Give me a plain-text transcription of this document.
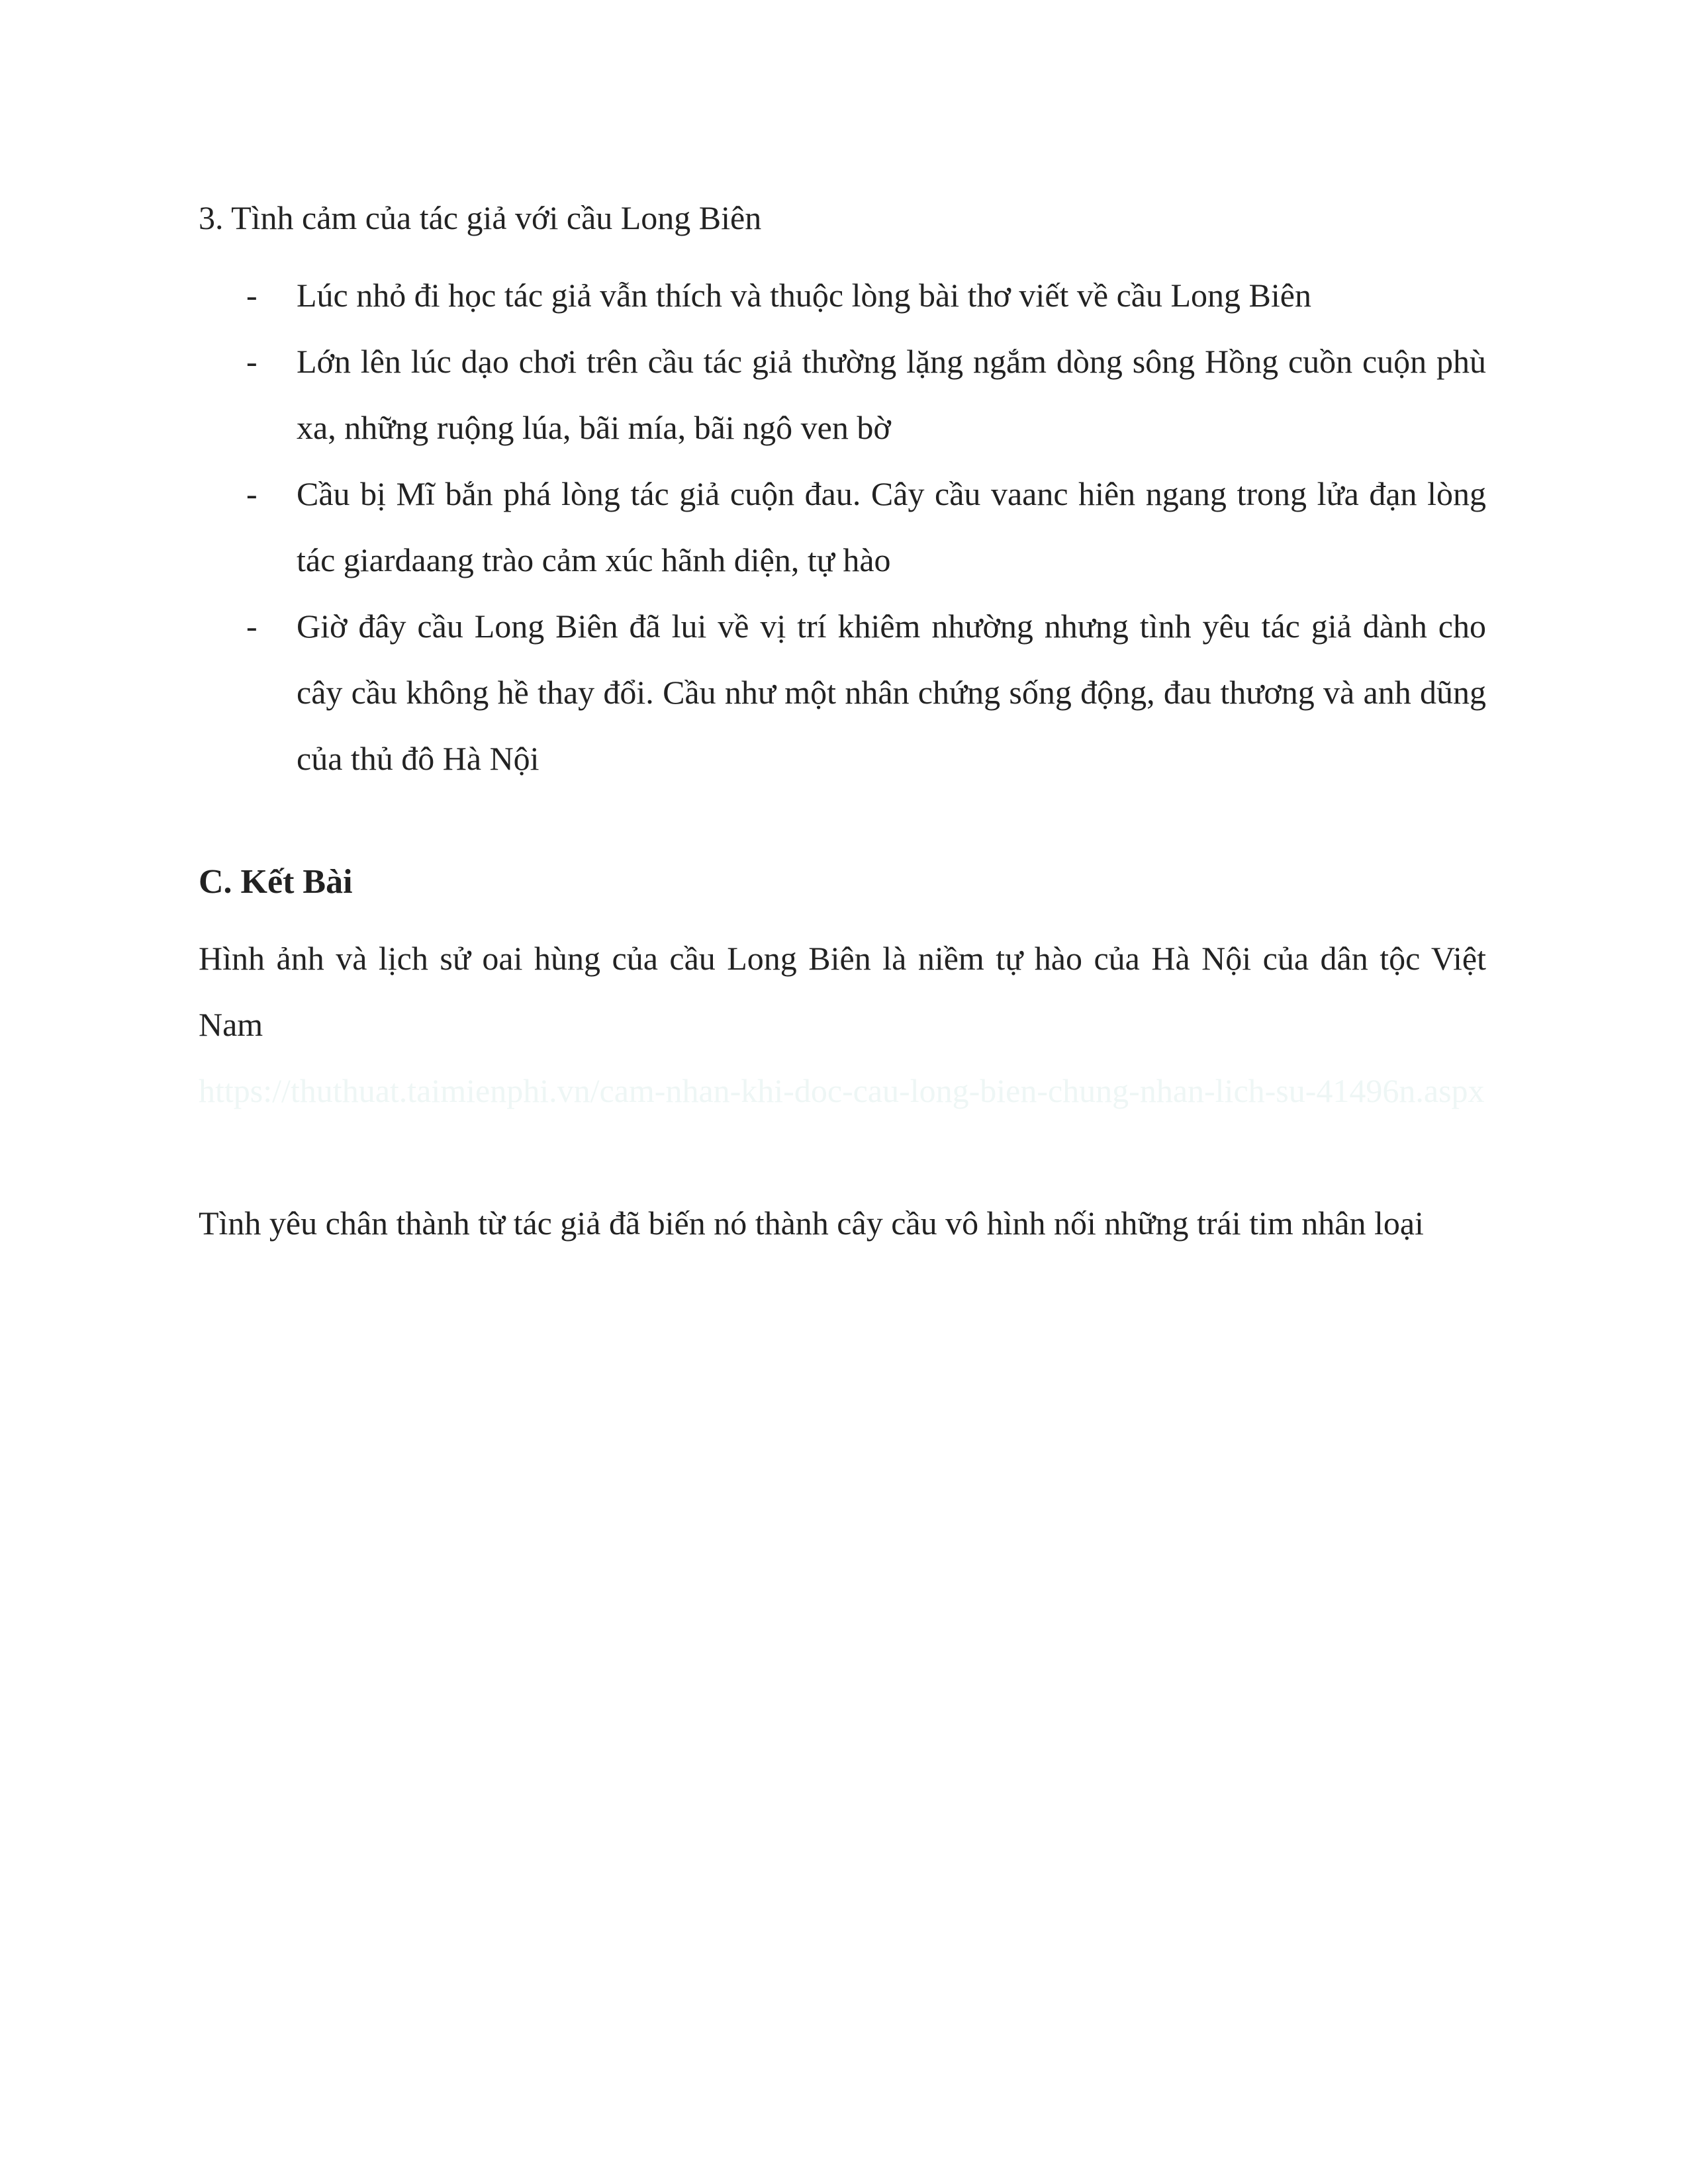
3. Tình cảm của tác giả với cầu Long Biên
- Lúc nhỏ đi học tác giả vẫn thích và thuộc lòng bài thơ viết về cầu Long Biên
- Lớn lên lúc dạo chơi trên cầu tác giả thường lặng ngắm dòng sông Hồng cuồn cuộn phù xa, những ruộng lúa, bãi mía, bãi ngô ven bờ
- Cầu bị Mĩ bắn phá lòng tác giả cuộn đau. Cây cầu vaanc hiên ngang trong lửa đạn lòng tác giardaang trào cảm xúc hãnh diện, tự hào
- Giờ đây cầu Long Biên đã lui về vị trí khiêm nhường nhưng tình yêu tác giả dành cho cây cầu không hề thay đổi. Cầu như một nhân chứng sống động, đau thương và anh dũng của thủ đô Hà Nội
C. Kết Bài

Hình ảnh và lịch sử oai hùng của cầu Long Biên là niềm tự hào của Hà Nội của dân tộc Việt Nam

https://thuthuat.taimienphi.vn/cam-nhan-khi-doc-cau-long-bien-chung-nhan-lich-su-41496n.aspx

Tình yêu chân thành từ tác giả đã biến nó thành cây cầu vô hình nối những trái tim nhân loại
